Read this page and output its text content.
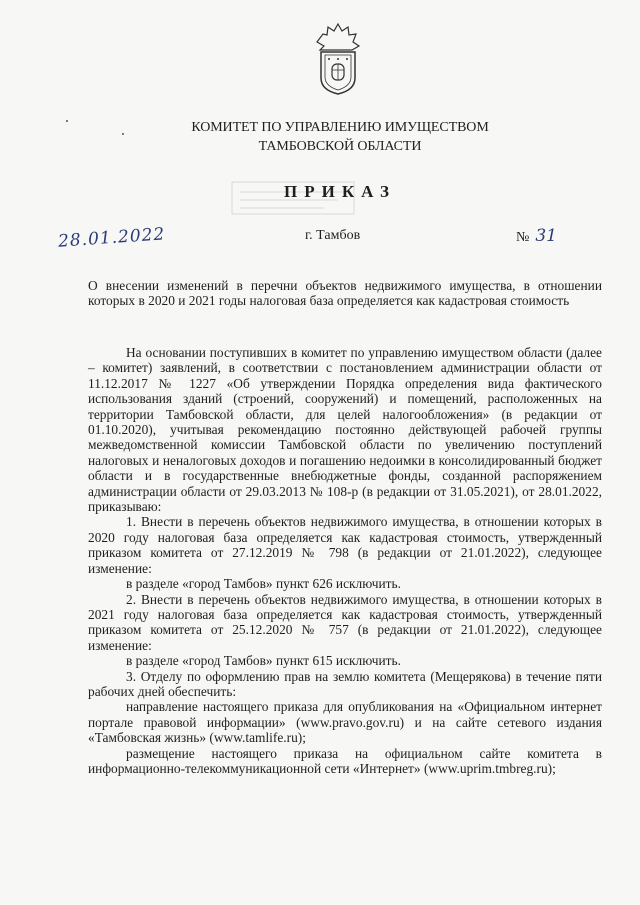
КОМИТЕТ ПО УПРАВЛЕНИЮ ИМУЩЕСТВОМ
ТАМБОВСКОЙ ОБЛАСТИ
ПРИКАЗ
28.01.2022	г. Тамбов	№ 31
О внесении изменений в перечни объектов недвижимого имущества, в отношении которых в 2020 и 2021 годы налоговая база определяется как кадастровая стоимость

На основании поступивших в комитет по управлению имуществом области (далее – комитет) заявлений, в соответствии с постановлением администрации области от 11.12.2017 № 1227 «Об утверждении Порядка определения вида фактического использования зданий (строений, сооружений) и помещений, расположенных на территории Тамбовской области, для целей налогообложения» (в редакции от 01.10.2020), учитывая рекомендацию постоянно действующей рабочей группы межведомственной комиссии Тамбовской области по увеличению поступлений налоговых и неналоговых доходов и погашению недоимки в консолидированный бюджет области и в государственные внебюджетные фонды, созданной распоряжением администрации области от 29.03.2013 № 108-р (в редакции от 31.05.2021), от 28.01.2022, приказываю:

1. Внести в перечень объектов недвижимого имущества, в отношении которых в 2020 году налоговая база определяется как кадастровая стоимость, утвержденный приказом комитета от 27.12.2019 № 798 (в редакции от 21.01.2022), следующее изменение:

в разделе «город Тамбов» пункт 626 исключить.

2. Внести в перечень объектов недвижимого имущества, в отношении которых в 2021 году налоговая база определяется как кадастровая стоимость, утвержденный приказом комитета от 25.12.2020 № 757 (в редакции от 21.01.2022), следующее изменение:

в разделе «город Тамбов» пункт 615 исключить.

3. Отделу по оформлению прав на землю комитета (Мещерякова) в течение пяти рабочих дней обеспечить:

направление настоящего приказа для опубликования на «Официальном интернет портале правовой информации» (www.pravo.gov.ru) и на сайте сетевого издания «Тамбовская жизнь» (www.tamlife.ru);

размещение настоящего приказа на официальном сайте комитета в информационно-телекоммуникационной сети «Интернет» (www.uprim.tmbreg.ru);
